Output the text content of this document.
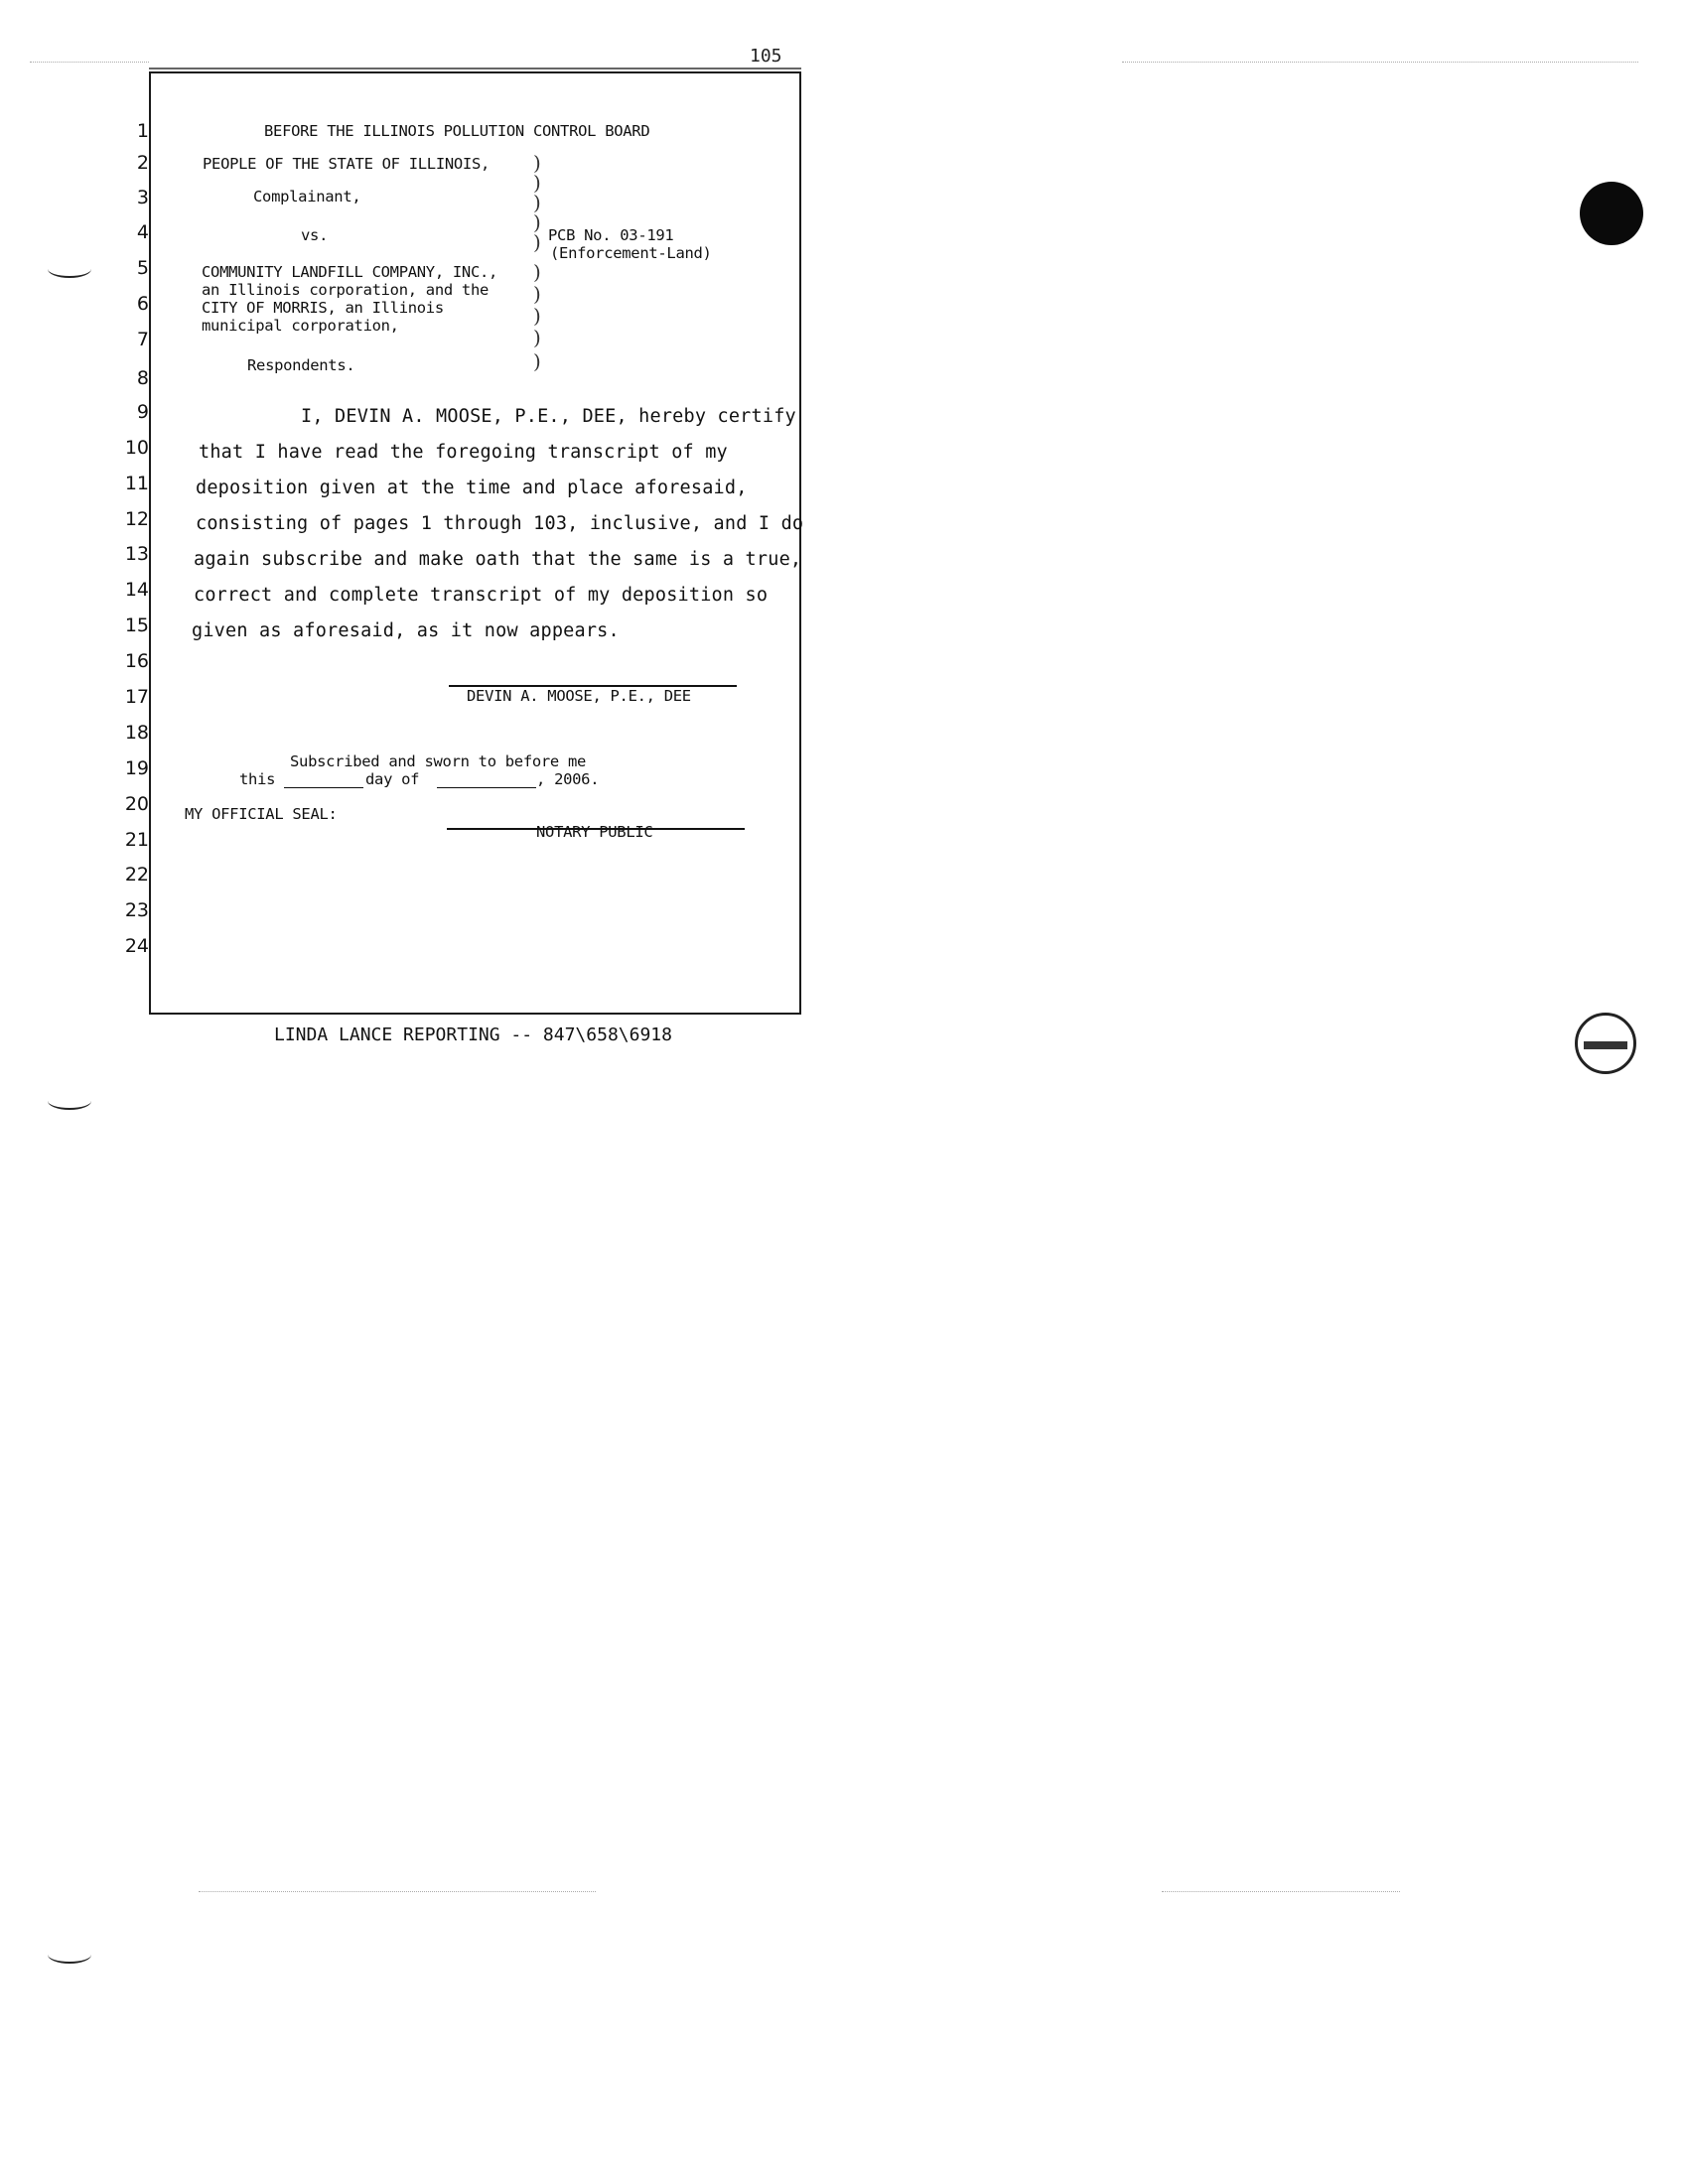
105
1
2
3
4
5
6
7
8
9
10
11
12
13
14
15
16
17
18
19
20
21
22
23
24
BEFORE THE ILLINOIS POLLUTION CONTROL BOARD
PEOPLE OF THE STATE OF ILLINOIS,
Complainant,
vs.	PCB No. 03-191
(Enforcement-Land)
COMMUNITY LANDFILL COMPANY, INC.,
an Illinois corporation, and the
CITY OF MORRIS, an Illinois
municipal corporation,
Respondents.
)
)
)
)
)
)
)
)
)
)
I, DEVIN A. MOOSE, P.E., DEE, hereby certify
that I have read the foregoing transcript of my
deposition given at the time and place aforesaid,
consisting of pages 1 through 103, inclusive, and I do
again subscribe and make oath that the same is a true,
correct and complete transcript of my deposition so
given as aforesaid, as it now appears.
DEVIN A. MOOSE, P.E., DEE
Subscribed and sworn to before me
this	day of	, 2006.
MY OFFICIAL SEAL:
NOTARY PUBLIC
LINDA LANCE REPORTING -- 847\658\6918
